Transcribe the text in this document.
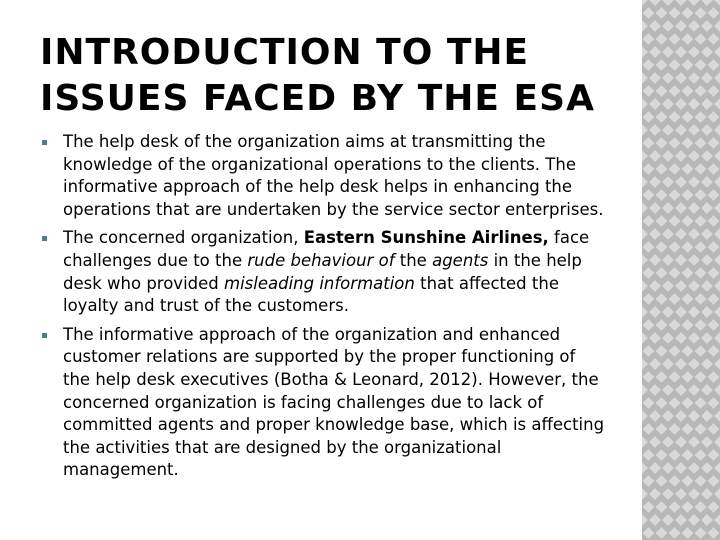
INTRODUCTION TO THE ISSUES FACED BY THE ESA
The help desk of the organization aims at transmitting the knowledge of the organizational operations to the clients. The informative approach of the help desk helps in enhancing the operations that are undertaken by the service sector enterprises.
The concerned organization, Eastern Sunshine Airlines, face challenges due to the rude behaviour of the agents in the help desk who provided misleading information that affected the loyalty and trust of the customers.
The informative approach of the organization and enhanced customer relations are supported by the proper functioning of the help desk executives (Botha & Leonard, 2012). However, the concerned organization is facing challenges due to lack of committed agents and proper knowledge base, which is affecting the activities that are designed by the organizational management.
